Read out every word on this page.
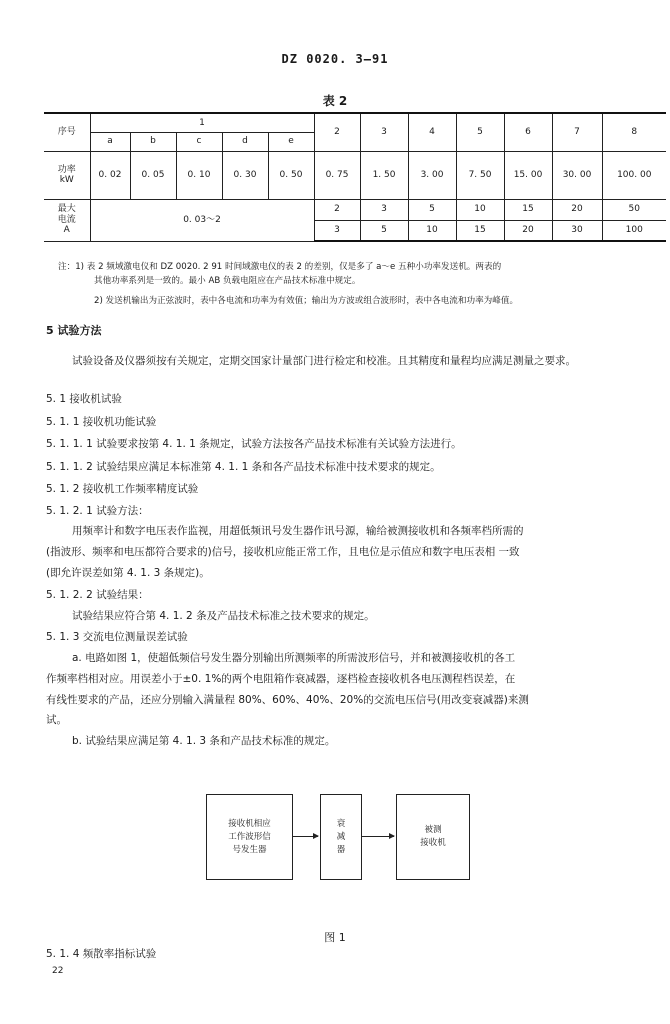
DZ 0020. 3—91
表 2
序号	1					2	3	4	5	6	7	8
	a	b	c	d	e							
功率
kW	0. 02	0. 05	0. 10	0. 30	0. 50	0. 75	1. 50	3. 00	7. 50	15. 00	30. 00	100. 00
最大
电流
A	0. 03～2					2	3	5	10	15	20	50
						3	5	10	15	20	30	100
注：1) 表 2 频域激电仪和 DZ 0020. 2 91 时间域激电仪的表 2 的差别，仅是多了 a～e 五种小功率发送机。两表的
其他功率系列是一致的。最小 AB 负载电阻应在产品技术标准中规定。
2) 发送机输出为正弦波时，表中各电流和功率为有效值；输出为方波或组合波形时，表中各电流和功率为峰值。
5 试验方法
试验设备及仪器须按有关规定，定期交国家计量部门进行检定和校准。且其精度和量程均应满足测量之要求。
5. 1 接收机试验
5. 1. 1 接收机功能试验
5. 1. 1. 1 试验要求按第 4. 1. 1 条规定，试验方法按各产品技术标准有关试验方法进行。
5. 1. 1. 2 试验结果应满足本标准第 4. 1. 1 条和各产品技术标准中技术要求的规定。
5. 1. 2 接收机工作频率精度试验
5. 1. 2. 1 试验方法：
用频率计和数字电压表作监视，用超低频讯号发生器作讯号源，输给被测接收机和各频率档所需的
(指波形、频率和电压都符合要求的)信号，接收机应能正常工作，且电位是示值应和数字电压表相 一致
(即允许误差如第 4. 1. 3 条规定)。
5. 1. 2. 2 试验结果：
试验结果应符合第 4. 1. 2 条及产品技术标准之技术要求的规定。
5. 1. 3 交流电位测量误差试验
a. 电路如图 1，使超低频信号发生器分别输出所测频率的所需波形信号，并和被测接收机的各工
作频率档相对应。用误差小于±0. 1%的两个电阻箱作衰减器，逐档检查接收机各电压测程档误差，在
有线性要求的产品，还应分别输入满量程 80%、60%、40%、20%的交流电压信号(用改变衰减器)来测
试。
b. 试验结果应满足第 4. 1. 3 条和产品技术标准的规定。
接收机相应
工作波形信
号发生器
衰
减
器
被测
接收机
图 1
5. 1. 4 频散率指标试验
22
